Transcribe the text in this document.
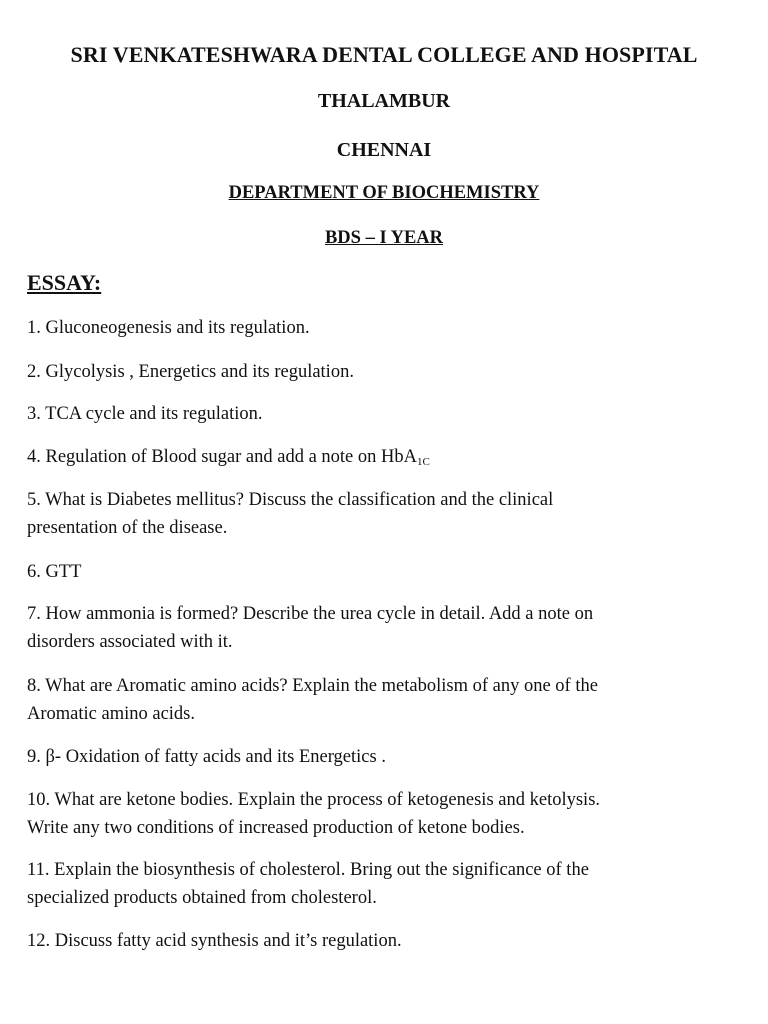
SRI VENKATESHWARA DENTAL COLLEGE AND HOSPITAL
THALAMBUR
CHENNAI
DEPARTMENT OF BIOCHEMISTRY
BDS – I YEAR
ESSAY:
1. Gluconeogenesis and its regulation.
2. Glycolysis , Energetics and its regulation.
3. TCA cycle and its regulation.
4. Regulation of Blood sugar and add a note on HbA$_{1C}$
5. What is Diabetes mellitus? Discuss the classification and the clinical
presentation of the disease.
6. GTT
7. How ammonia is formed? Describe the urea cycle in detail. Add a note on
disorders associated with it.
8. What are Aromatic amino acids? Explain the metabolism of any one of the
Aromatic amino acids.
9. β- Oxidation of fatty acids and its Energetics .
10. What are ketone bodies. Explain the process of ketogenesis and ketolysis.
Write any two conditions of increased production of ketone bodies.
11. Explain the biosynthesis of cholesterol. Bring out the significance of the
specialized products obtained from cholesterol.
12. Discuss fatty acid synthesis and it’s regulation.
